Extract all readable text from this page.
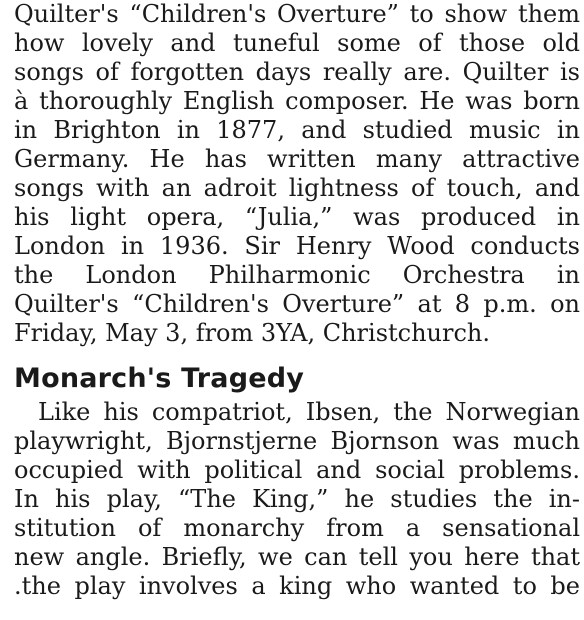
Quilter's “Children's Overture” to show them
how lovely and tuneful some of those old
songs of forgotten days really are. Quilter is
à thoroughly English composer. He was born
in Brighton in 1877, and studied music in
Germany. He has written many attractive
songs with an adroit lightness of touch, and
his light opera, “Julia,” was produced in
London in 1936. Sir Henry Wood conducts
the London Philharmonic Orchestra in
Quilter's “Children's Overture” at 8 p.m. on
Friday, May 3, from 3YA, Christchurch.
Monarch's Tragedy
Like his compatriot, Ibsen, the Norwegian
playwright, Bjornstjerne Bjornson was much
occupied with political and social problems.
In his play, “The King,” he studies the in-
stitution of monarchy from a sensational
new angle. Briefly, we can tell you here that
.the play involves a king who wanted to be
